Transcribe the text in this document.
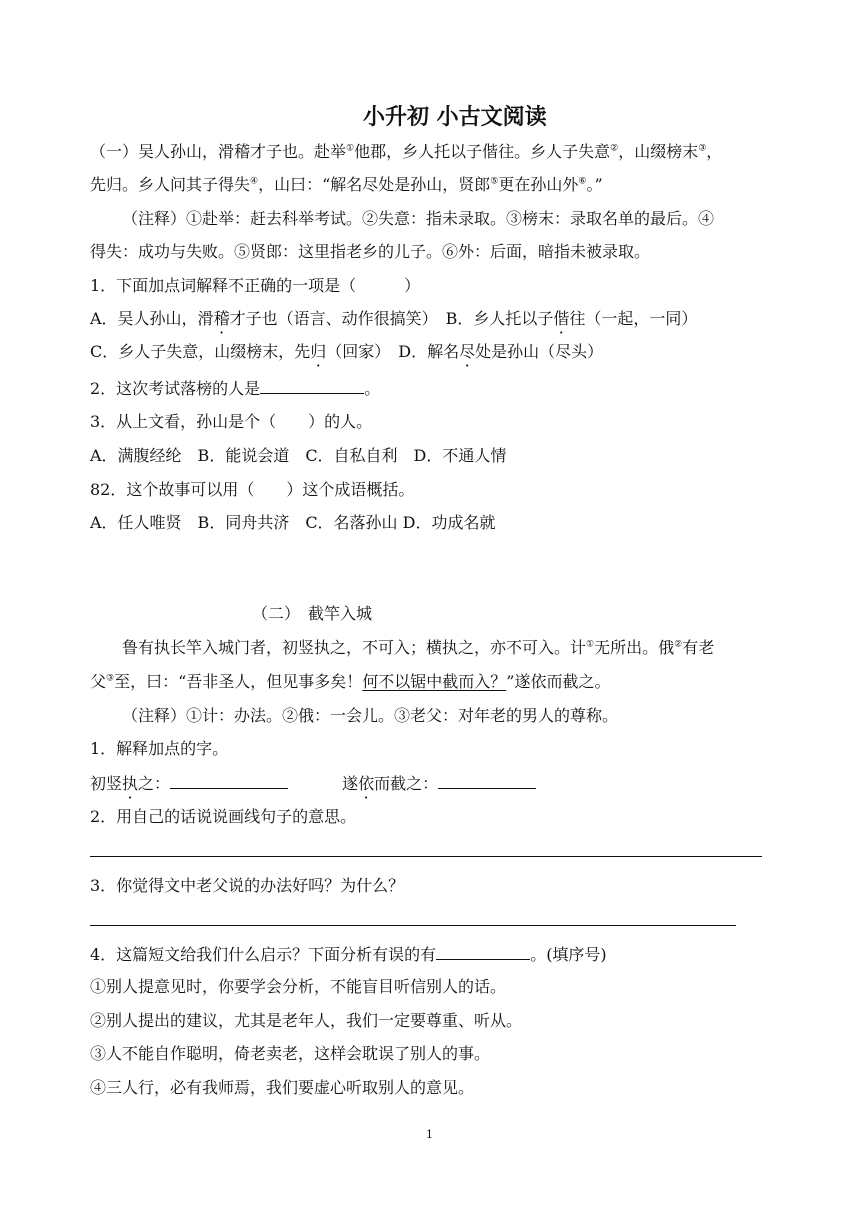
小升初 小古文阅读
（一）吴人孙山，滑稽才子也。赴举①他郡，乡人托以子偕往。乡人子失意②，山缀榜末③，
先归。乡人问其子得失④，山曰：“解名尽处是孙山，贤郎⑤更在孙山外⑥。”
（注释）①赴举：赶去科举考试。②失意：指未录取。③榜末：录取名单的最后。④
得失：成功与失败。⑤贤郎：这里指老乡的儿子。⑥外：后面，暗指未被录取。
1．下面加点词解释不正确的一项是（　　　）
A．吴人孙山，滑稽才子也（语言、动作很搞笑）　B．乡人托以子偕往（一起，一同）
C．乡人子失意，山缀榜末，先归（回家）　D．解名尽处是孙山（尽头）
2．这次考试落榜的人是	。
3．从上文看，孙山是个（　　）的人。
A．满腹经纶　B．能说会道　C．自私自利　D．不通人情
82．这个故事可以用（　　）这个成语概括。
A．任人唯贤　B．同舟共济　C．名落孙山 D．功成名就
（二）　截竿入城
鲁有执长竿入城门者，初竖执之，不可入；横执之，亦不可入。计①无所出。俄②有老
父③至，曰：“吾非圣人，但见事多矣！何不以锯中截而入？”遂依而截之。
（注释）①计：办法。②俄：一会儿。③老父：对年老的男人的尊称。
1．解释加点的字。
初竖执之：	遂依而截之：
2．用自己的话说说画线句子的意思。
3．你觉得文中老父说的办法好吗？为什么？
4．这篇短文给我们什么启示？下面分析有误的有	。(填序号)
①别人提意见时，你要学会分析，不能盲目听信别人的话。
②别人提出的建议，尤其是老年人，我们一定要尊重、听从。
③人不能自作聪明，倚老卖老，这样会耽误了别人的事。
④三人行，必有我师焉，我们要虚心听取别人的意见。
1
